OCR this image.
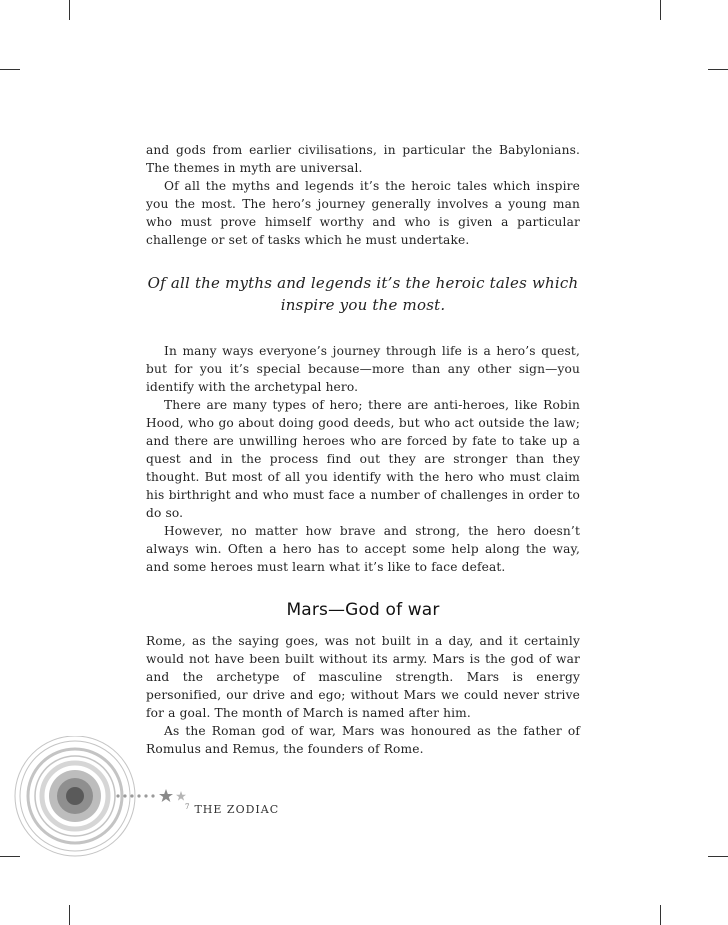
and gods from earlier civilisations, in particular the Babylonians. The themes in myth are universal.

Of all the myths and legends it’s the heroic tales which inspire you the most. The hero’s journey generally involves a young man who must prove himself worthy and who is given a particular challenge or set of tasks which he must undertake.

Of all the myths and legends it’s the heroic tales which
inspire you the most.

In many ways everyone’s journey through life is a hero’s quest, but for you it’s special because—more than any other sign—you identify with the archetypal hero.

There are many types of hero; there are anti-heroes, like Robin Hood, who go about doing good deeds, but who act outside the law; and there are unwilling heroes who are forced by fate to take up a quest and in the process find out they are stronger than they thought. But most of all you identify with the hero who must claim his birthright and who must face a number of challenges in order to do so.

However, no matter how brave and strong, the hero doesn’t always win. Often a hero has to accept some help along the way, and some heroes must learn what it’s like to face defeat.

Mars—God of war

Rome, as the saying goes, was not built in a day, and it certainly would not have been built without its army. Mars is the god of war and the archetype of masculine strength. Mars is energy personified, our drive and ego; without Mars we could never strive for a goal. The month of March is named after him.

As the Roman god of war, Mars was honoured as the father of Romulus and Remus, the founders of Rome.

$^7$ THE ZODIAC
